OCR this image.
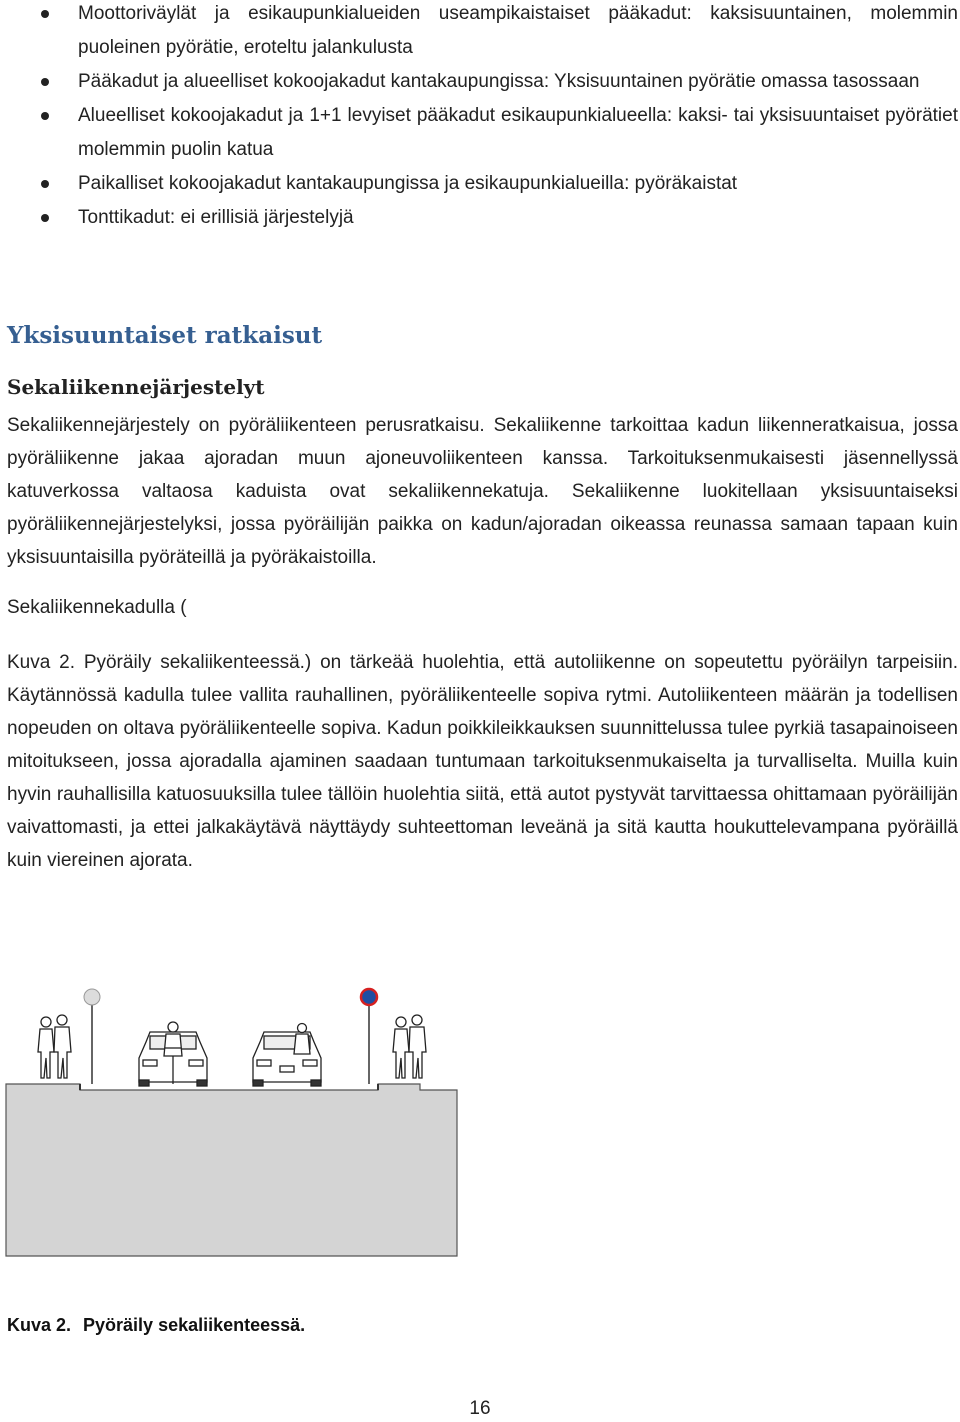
Moottoriväylät ja esikaupunkialueiden useampikaistaiset pääkadut: kaksisuuntainen, molemmin puoleinen pyörätie, eroteltu jalankulusta
Pääkadut ja alueelliset kokoojakadut kantakaupungissa: Yksisuuntainen pyörätie omassa tasossaan
Alueelliset kokoojakadut ja 1+1 levyiset pääkadut esikaupunkialueella: kaksi- tai yksisuuntaiset pyörätiet molemmin puolin katua
Paikalliset kokoojakadut kantakaupungissa ja esikaupunkialueilla: pyöräkaistat
Tonttikadut: ei erillisiä järjestelyjä
Yksisuuntaiset ratkaisut
Sekaliikennejärjestelyt

Sekaliikennejärjestely on pyöräliikenteen perusratkaisu. Sekaliikenne tarkoittaa kadun liikenneratkaisua, jossa pyöräliikenne jakaa ajoradan muun ajoneuvoliikenteen kanssa. Tarkoituksenmukaisesti jäsennellyssä katuverkossa valtaosa kaduista ovat sekaliikennekatuja. Sekaliikenne luokitellaan yksisuuntaiseksi pyöräliikennejärjestelyksi, jossa pyöräilijän paikka on kadun/ajoradan oikeassa reunassa samaan tapaan kuin yksisuuntaisilla pyöräteillä ja pyöräkaistoilla.

Sekaliikennekadulla (

Kuva 2. Pyöräily sekaliikenteessä.) on tärkeää huolehtia, että autoliikenne on sopeutettu pyöräilyn tarpeisiin. Käytännössä kadulla tulee vallita rauhallinen, pyöräliikenteelle sopiva rytmi. Autoliikenteen määrän ja todellisen nopeuden on oltava pyöräliikenteelle sopiva. Kadun poikkileikkauksen suunnittelussa tulee pyrkiä tasapainoiseen mitoitukseen, jossa ajoradalla ajaminen saadaan tuntumaan tarkoituksenmukaiselta ja turvalliselta. Muilla kuin hyvin rauhallisilla katuosuuksilla tulee tällöin huolehtia siitä, että autot pystyvät tarvittaessa ohittamaan pyöräilijän vaivattomasti, ja ettei jalkakäytävä näyttäydy suhteettoman leveänä ja sitä kautta houkuttelevampana pyöräillä kuin viereinen ajorata.

Kuva 2. Pyöräily sekaliikenteessä.
16
